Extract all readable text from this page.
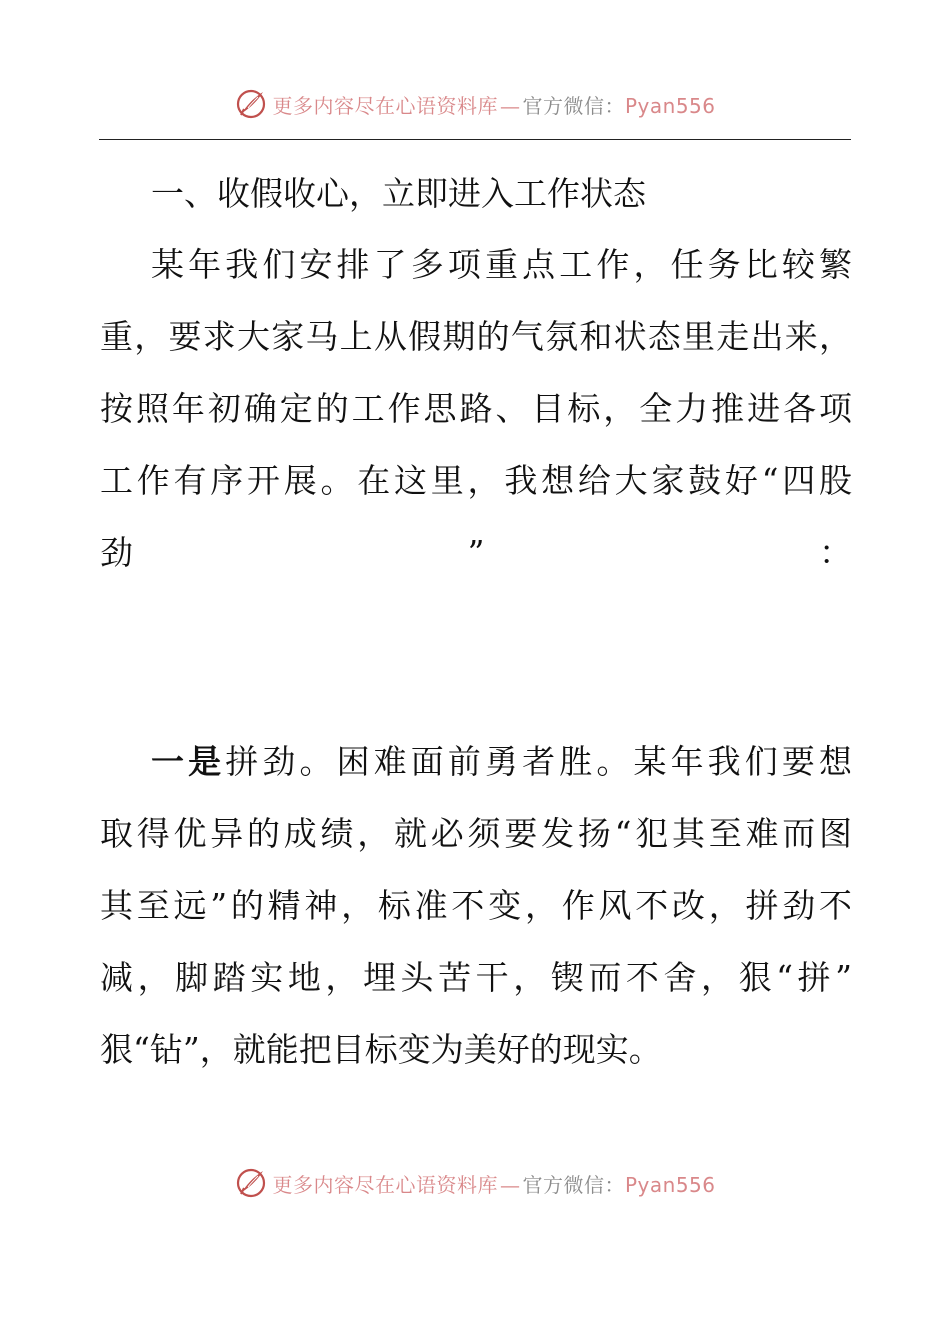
更多内容尽在心语资料库 — 官方微信：Pyan556
一、收假收心，立即进入工作状态
某年我们安排了多项重点工作，任务比较繁
重，要求大家马上从假期的气氛和状态里走出来，
按照年初确定的工作思路、目标，全力推进各项
工作有序开展。在这里，我想给大家鼓好“四股
劲	”	：
一是拼劲。困难面前勇者胜。某年我们要想
取得优异的成绩，就必须要发扬“犯其至难而图
其至远”的精神，标准不变，作风不改，拼劲不
减，脚踏实地，埋头苦干，锲而不舍，狠“拼”
狠“钻”，就能把目标变为美好的现实。
更多内容尽在心语资料库 — 官方微信：Pyan556
